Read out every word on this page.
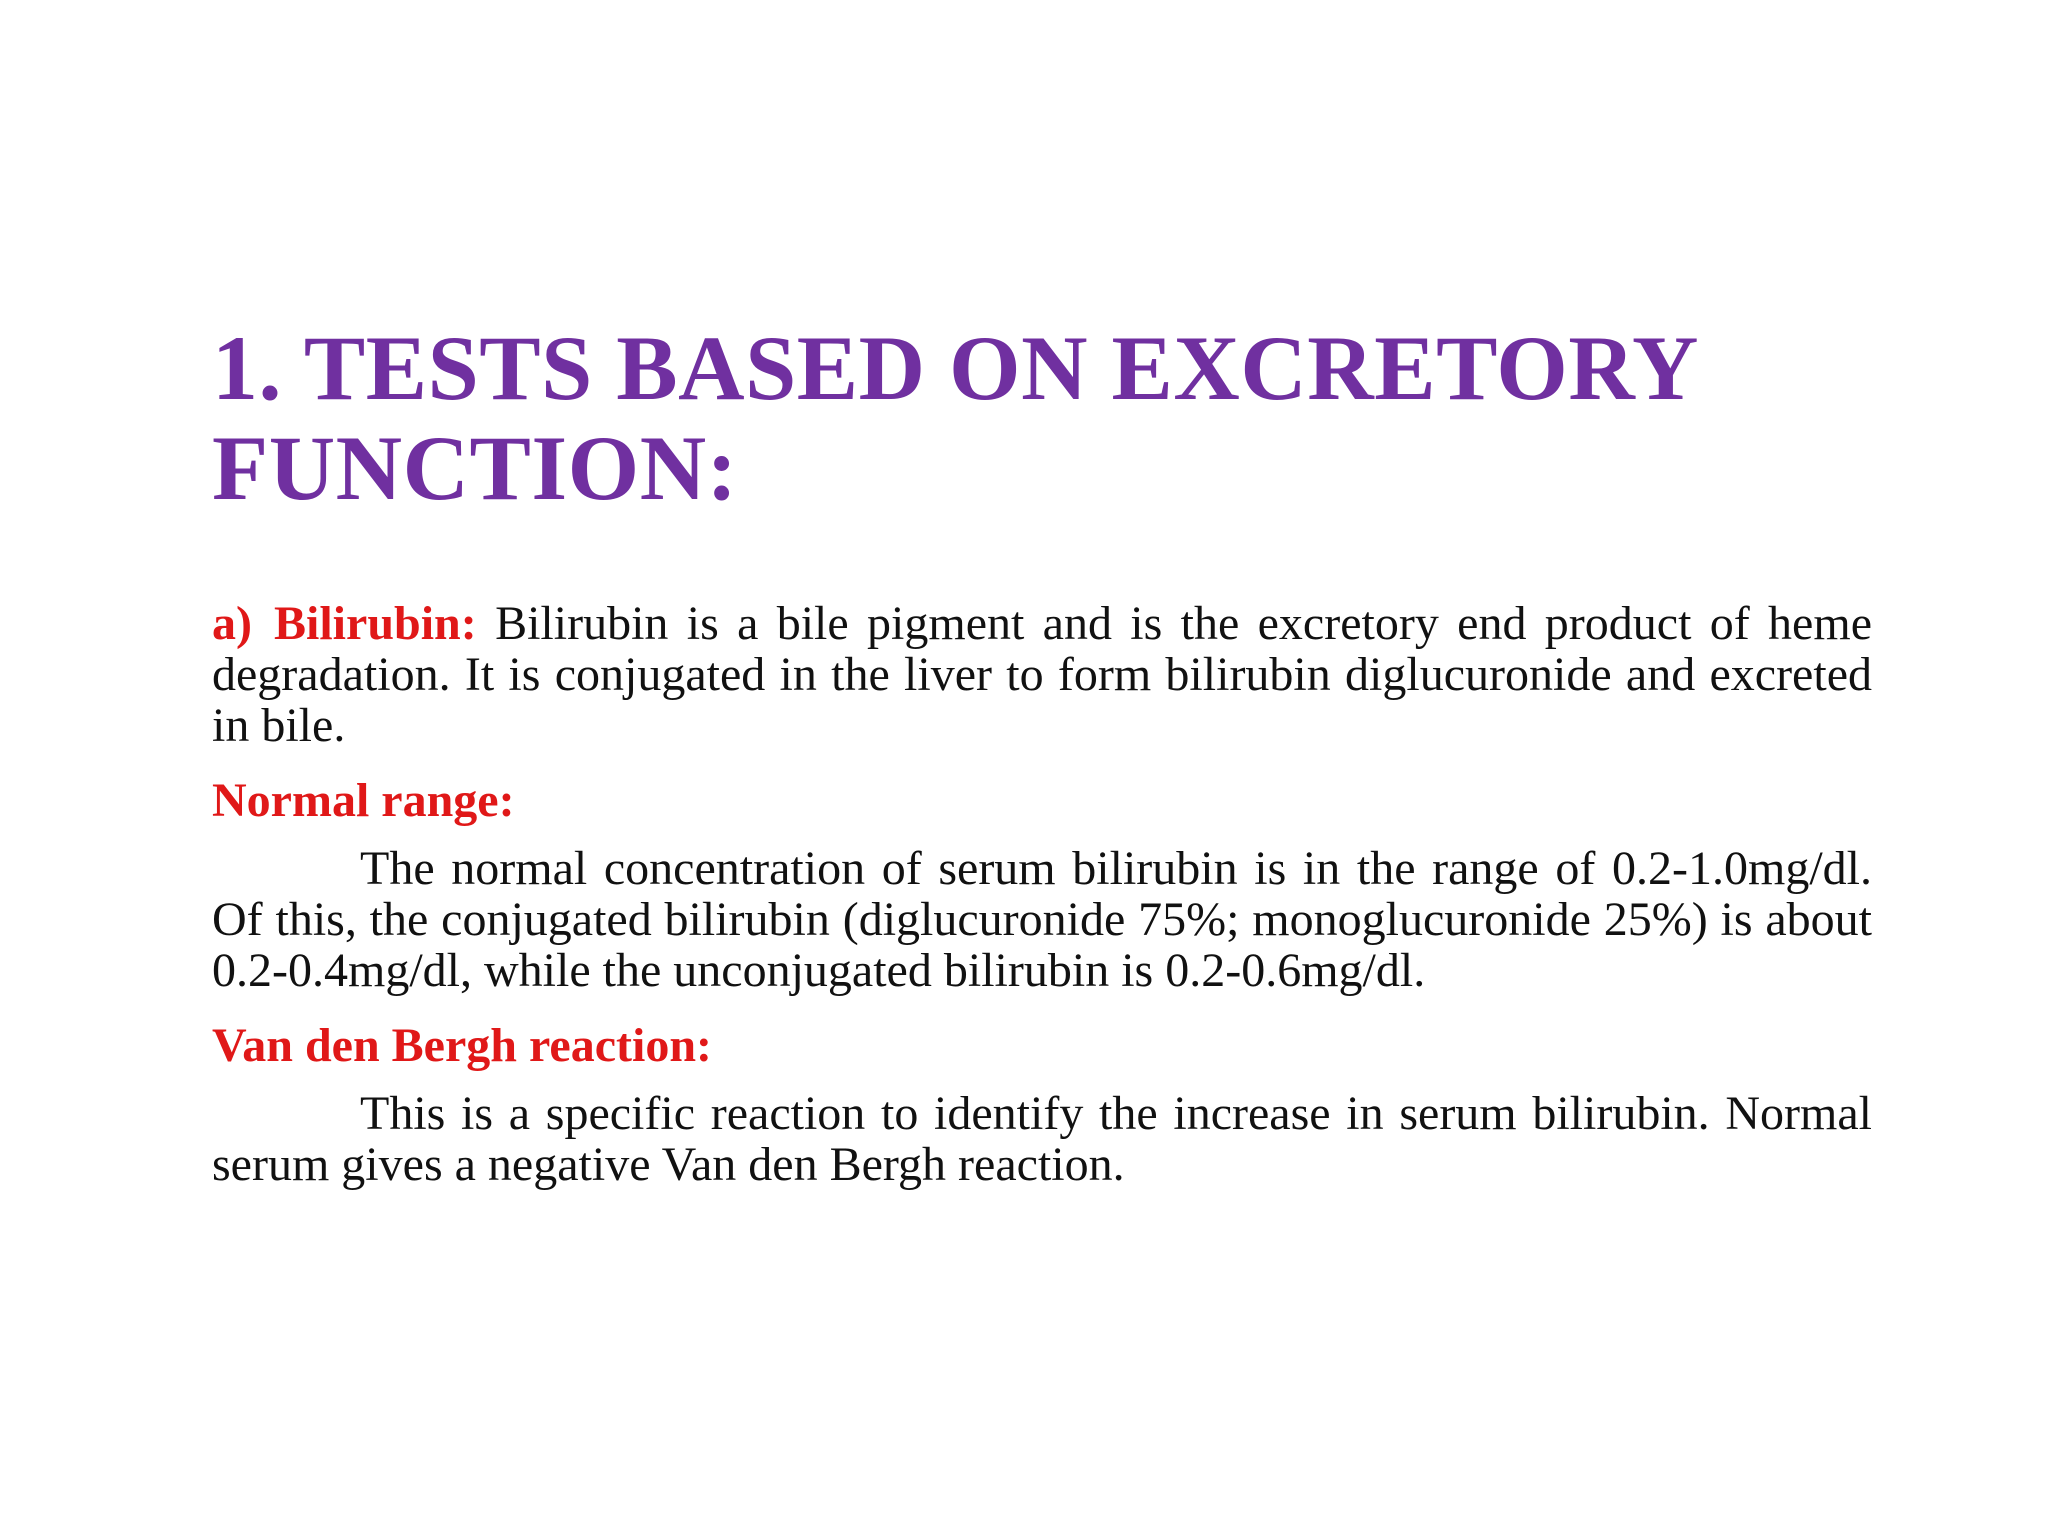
1. TESTS BASED ON EXCRETORY
FUNCTION:

a) Bilirubin: Bilirubin is a bile pigment and is the excretory end product of heme degradation. It is conjugated in the liver to form bilirubin diglucuronide and excreted in bile.

Normal range:

The normal concentration of serum bilirubin is in the range of 0.2-1.0mg/dl. Of this, the conjugated bilirubin (diglucuronide 75%; monoglucuronide 25%) is about 0.2-0.4mg/dl, while the unconjugated bilirubin is 0.2-0.6mg/dl.

Van den Bergh reaction:

This is a specific reaction to identify the increase in serum bilirubin. Normal serum gives a negative Van den Bergh reaction.
